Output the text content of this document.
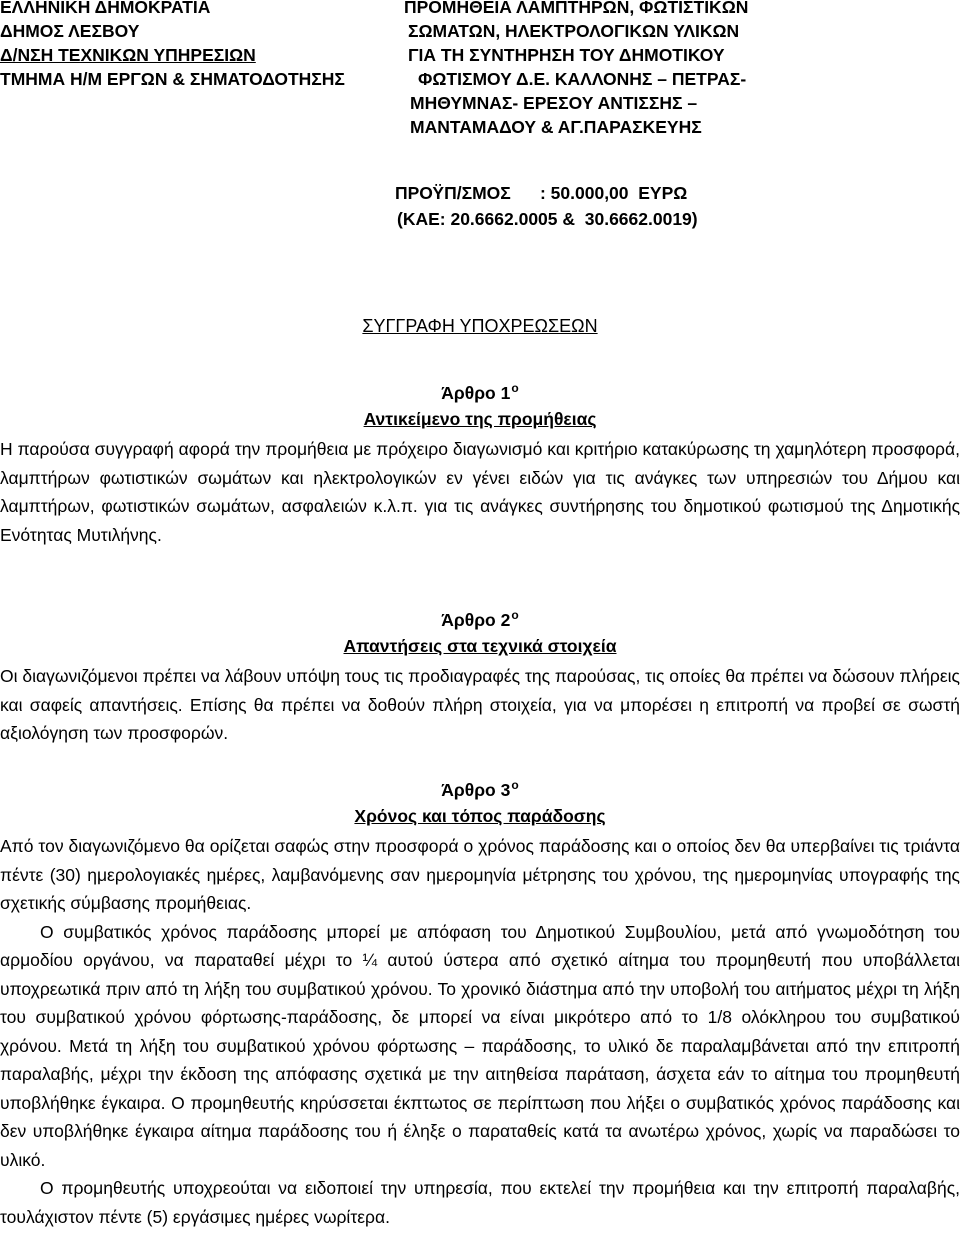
ΕΛΛΗΝΙΚΗ ΔΗΜΟΚΡΑΤΙΑ
ΔΗΜΟΣ ΛΕΣΒΟΥ
Δ/ΝΣΗ ΤΕΧΝΙΚΩΝ ΥΠΗΡΕΣΙΩΝ
ΤΜΗΜΑ Η/Μ ΕΡΓΩΝ & ΣΗΜΑΤΟΔΟΤΗΣΗΣ
ΠΡΟΜΗΘΕΙΑ ΛΑΜΠΤΗΡΩΝ, ΦΩΤΙΣΤΙΚΩΝ
ΣΩΜΑΤΩΝ, ΗΛΕΚΤΡΟΛΟΓΙΚΩΝ ΥΛΙΚΩΝ
ΓΙΑ ΤΗ ΣΥΝΤΗΡΗΣΗ ΤΟΥ ΔΗΜΟΤΙΚΟΥ
ΦΩΤΙΣΜΟΥ Δ.Ε. ΚΑΛΛΟΝΗΣ – ΠΕΤΡΑΣ-
ΜΗΘΥΜΝΑΣ- ΕΡΕΣΟΥ ΑΝΤΙΣΣΗΣ –
ΜΑΝΤΑΜΑΔΟΥ & ΑΓ.ΠΑΡΑΣΚΕΥΗΣ
ΠΡΟΫΠ/ΣΜΟΣ      : 50.000,00  ΕΥΡΩ
(ΚΑΕ: 20.6662.0005 &  30.6662.0019)
ΣΥΓΓΡΑΦΗ ΥΠΟΧΡΕΩΣΕΩΝ
Άρθρο $1^o$
Αντικείμενο της προμήθειας

Η παρούσα συγγραφή αφορά την προμήθεια με πρόχειρο διαγωνισμό και κριτήριο κατακύρωσης τη χαμηλότερη προσφορά, λαμπτήρων φωτιστικών σωμάτων και ηλεκτρολογικών εν γένει ειδών για τις ανάγκες των υπηρεσιών του Δήμου και λαμπτήρων, φωτιστικών σωμάτων, ασφαλειών κ.λ.π. για τις ανάγκες συντήρησης του δημοτικού φωτισμού της Δημοτικής Ενότητας Μυτιλήνης.

Άρθρο $2^o$
Απαντήσεις στα τεχνικά στοιχεία

Οι διαγωνιζόμενοι πρέπει να λάβουν υπόψη τους τις προδιαγραφές της παρούσας, τις οποίες θα πρέπει να δώσουν πλήρεις και σαφείς απαντήσεις. Επίσης θα πρέπει να δοθούν πλήρη στοιχεία, για να μπορέσει η επιτροπή να προβεί σε σωστή αξιολόγηση των προσφορών.

Άρθρο $3^o$
Χρόνος και τόπος παράδοσης

Από τον διαγωνιζόμενο θα ορίζεται σαφώς στην προσφορά ο χρόνος παράδοσης και ο οποίος δεν θα υπερβαίνει τις τριάντα πέντε (30) ημερολογιακές ημέρες, λαμβανόμενης σαν ημερομηνία μέτρησης του χρόνου, της ημερομηνίας υπογραφής της σχετικής σύμβασης προμήθειας.

Ο συμβατικός χρόνος παράδοσης μπορεί με απόφαση του Δημοτικού Συμβουλίου, μετά από γνωμοδότηση του αρμοδίου οργάνου, να παραταθεί μέχρι το ¼ αυτού ύστερα από σχετικό αίτημα του προμηθευτή που υποβάλλεται υποχρεωτικά πριν από τη λήξη του συμβατικού χρόνου. Το χρονικό διάστημα από την υποβολή του αιτήματος μέχρι τη λήξη του συμβατικού χρόνου φόρτωσης-παράδοσης, δε μπορεί να είναι μικρότερο από το 1/8 ολόκληρου του συμβατικού χρόνου. Μετά τη λήξη του συμβατικού χρόνου φόρτωσης – παράδοσης, το υλικό δε παραλαμβάνεται από την επιτροπή παραλαβής, μέχρι την έκδοση της απόφασης σχετικά με την αιτηθείσα παράταση, άσχετα εάν το αίτημα του προμηθευτή υποβλήθηκε έγκαιρα. Ο προμηθευτής κηρύσσεται έκπτωτος σε περίπτωση που λήξει ο συμβατικός χρόνος παράδοσης και δεν υποβλήθηκε έγκαιρα αίτημα παράδοσης του ή έληξε ο παραταθείς κατά τα ανωτέρω χρόνος, χωρίς να παραδώσει το υλικό.

Ο προμηθευτής υποχρεούται να ειδοποιεί την υπηρεσία, που εκτελεί την προμήθεια και την επιτροπή παραλαβής, τουλάχιστον πέντε (5) εργάσιμες ημέρες νωρίτερα.
